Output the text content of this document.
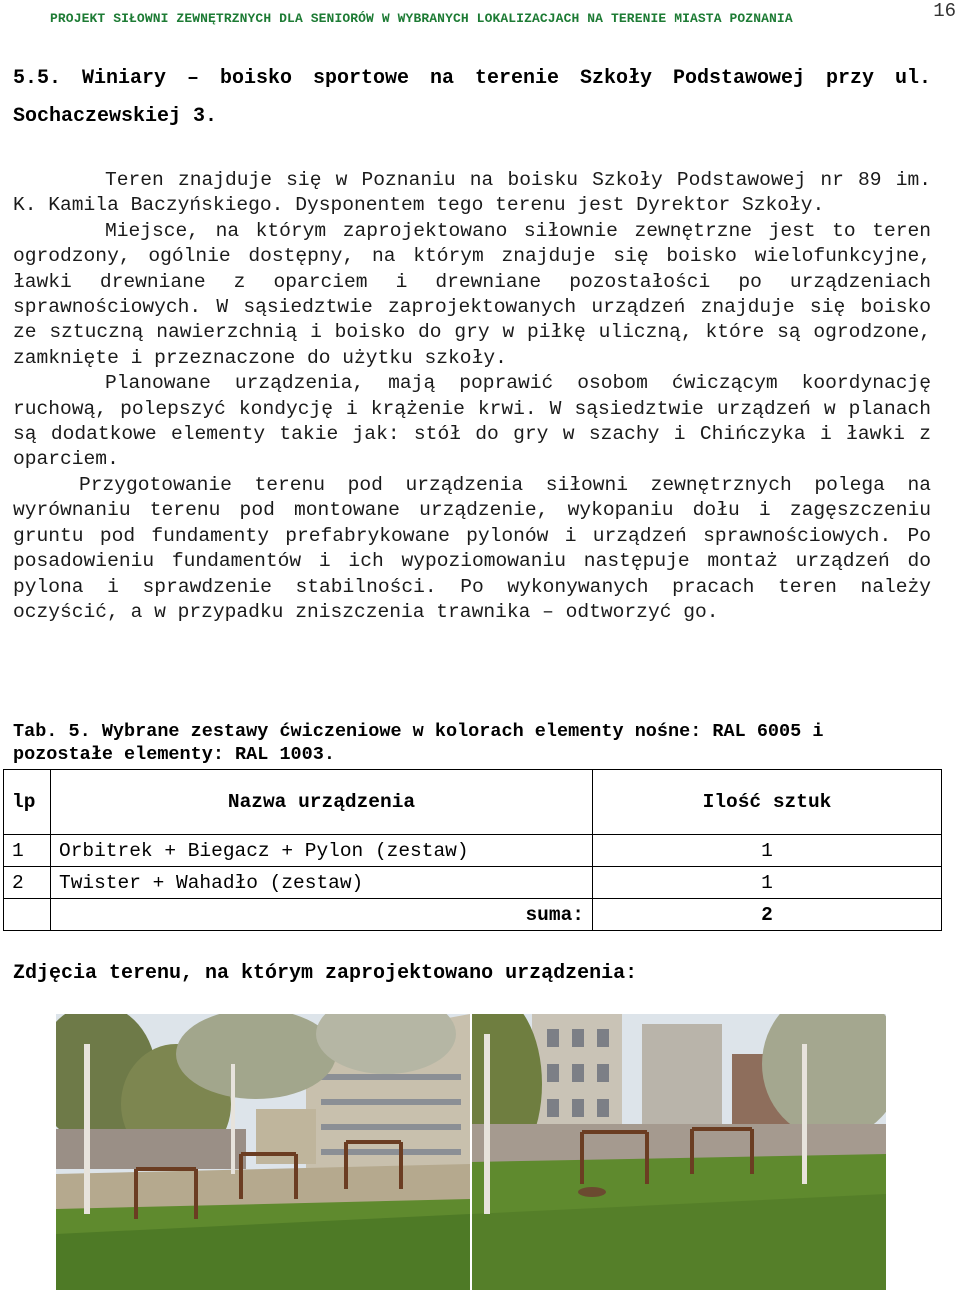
PROJEKT SIŁOWNI ZEWNĘTRZNYCH DLA SENIORÓW W WYBRANYCH LOKALIZACJACH NA TERENIE MIASTA POZNANIA	16
5.5. Winiary – boisko sportowe na terenie Szkoły Podstawowej przy ul. Sochaczewskiej 3.

Teren znajduje się w Poznaniu na boisku Szkoły Podstawowej nr 89 im. K. Kamila Baczyńskiego. Dysponentem tego terenu jest Dyrektor Szkoły.

Miejsce, na którym zaprojektowano siłownie zewnętrzne jest to teren ogrodzony, ogólnie dostępny, na którym znajduje się boisko wielofunkcyjne, ławki drewniane z oparciem i drewniane pozostałości po urządzeniach sprawnościowych. W sąsiedztwie zaprojektowanych urządzeń znajduje się boisko ze sztuczną nawierzchnią i boisko do gry w piłkę uliczną, które są ogrodzone, zamknięte i przeznaczone do użytku szkoły.

Planowane urządzenia, mają poprawić osobom ćwiczącym koordynację ruchową, polepszyć kondycję i krążenie krwi. W sąsiedztwie urządzeń w planach są dodatkowe elementy takie jak: stół do gry w szachy i Chińczyka i ławki z oparciem.

Przygotowanie terenu pod urządzenia siłowni zewnętrznych polega na wyrównaniu terenu pod montowane urządzenie, wykopaniu dołu i zagęszczeniu gruntu pod fundamenty prefabrykowane pylonów i urządzeń sprawnościowych. Po posadowieniu fundamentów i ich wypoziomowaniu następuje montaż urządzeń do pylona i sprawdzenie stabilności. Po wykonywanych pracach teren należy oczyścić, a w przypadku zniszczenia trawnika – odtworzyć go.

Tab. 5. Wybrane zestawy ćwiczeniowe w kolorach elementy nośne: RAL 6005 i pozostałe elementy: RAL 1003.
lp	Nazwa urządzenia	Ilość sztuk
1	Orbitrek + Biegacz + Pylon (zestaw)	1
2	Twister + Wahadło (zestaw)	1
	suma:	2
Zdjęcia terenu, na którym zaprojektowano urządzenia:
